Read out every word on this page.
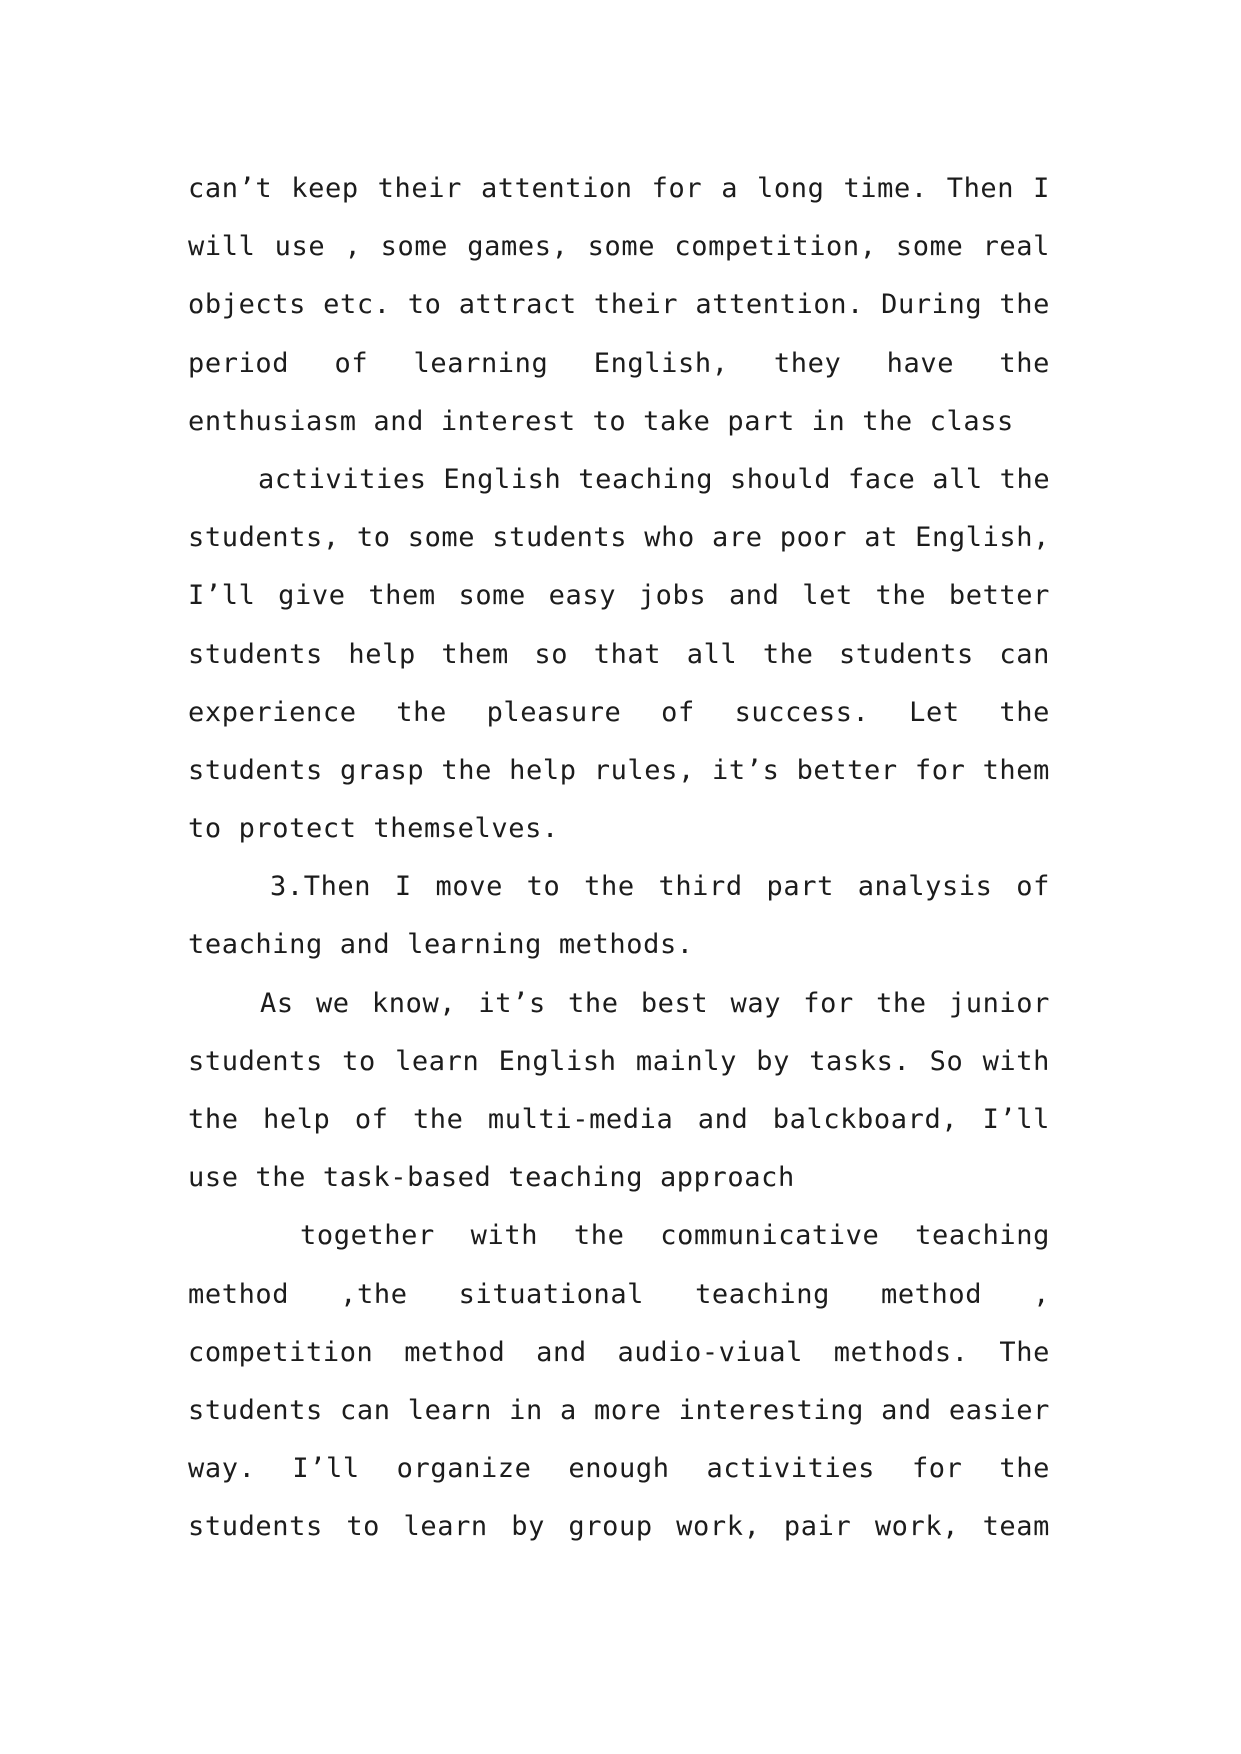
can’t keep their attention for a long time. Then I
will use , some games, some competition, some real
objects etc. to attract their attention. During the
period of learning English, they have the
enthusiasm and interest to take part in the class
activities English teaching should face all the
students, to some students who are poor at English,
I’ll give them some easy jobs and let the better
students help them so that all the students can
experience the pleasure of success. Let the
students grasp the help rules, it’s better for them
to protect themselves.
3.Then I move to the third part analysis of
teaching and learning methods.
As we know, it’s the best way for the junior
students to learn English mainly by tasks. So with
the help of the multi-media and balckboard, I’ll
use the task-based teaching approach
together with the communicative teaching
method ,the situational teaching method ,
competition method and audio-viual methods. The
students can learn in a more interesting and easier
way. I’ll organize enough activities for the
students to learn by group work, pair work, team
